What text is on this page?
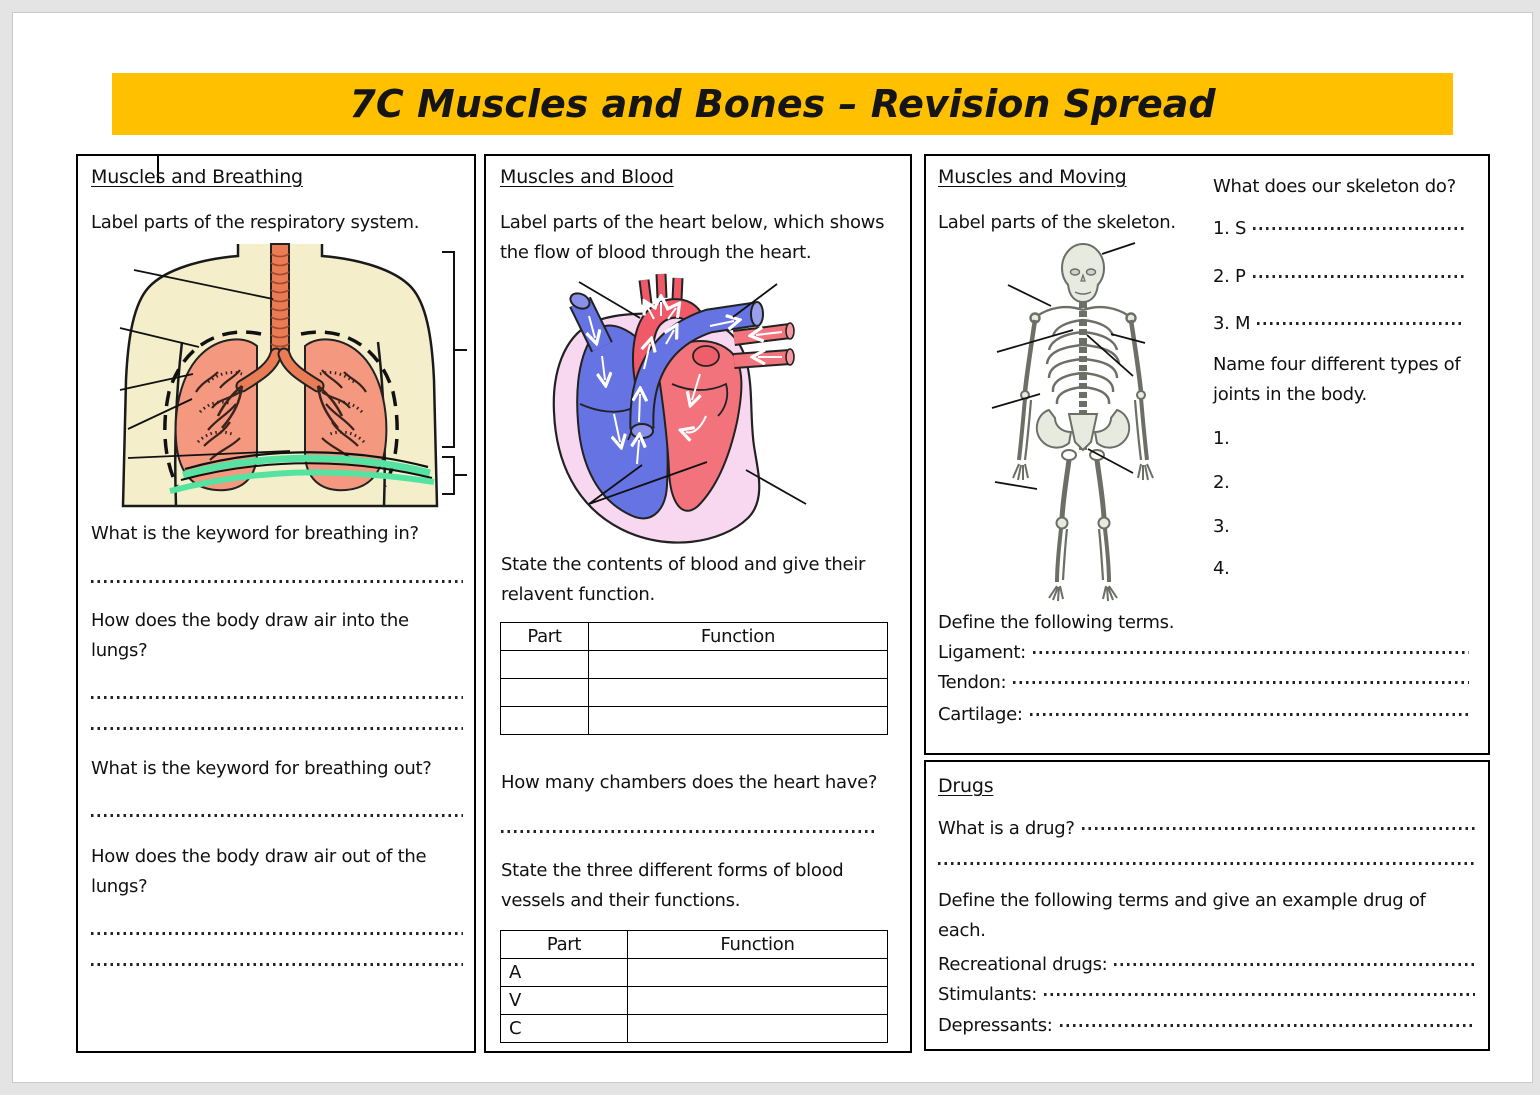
7C Muscles and Bones – Revision Spread
Muscles and Breathing
Label parts of the respiratory system.
What is the keyword for breathing in?
How does the body draw air into the lungs?
What is the keyword for breathing out?
How does the body draw air out of the lungs?
Muscles and Blood
Label parts of the heart below, which shows the flow of blood through the heart.
State the contents of blood and give their relavent function.
Part	Function

How many chambers does the heart have?
State the three different forms of blood vessels and their functions.
Part	Function
A	
V	
C	
Muscles and Moving
Label parts of the skeleton.
What does our skeleton do?
1. S
2. P
3. M
Name four different types of joints in the body.
1.
2.
3.
4.
Define the following terms.
Ligament:
Tendon:
Cartilage:
Drugs
What is a drug?
Define the following terms and give an example drug of each.
Recreational drugs:
Stimulants:
Depressants:
